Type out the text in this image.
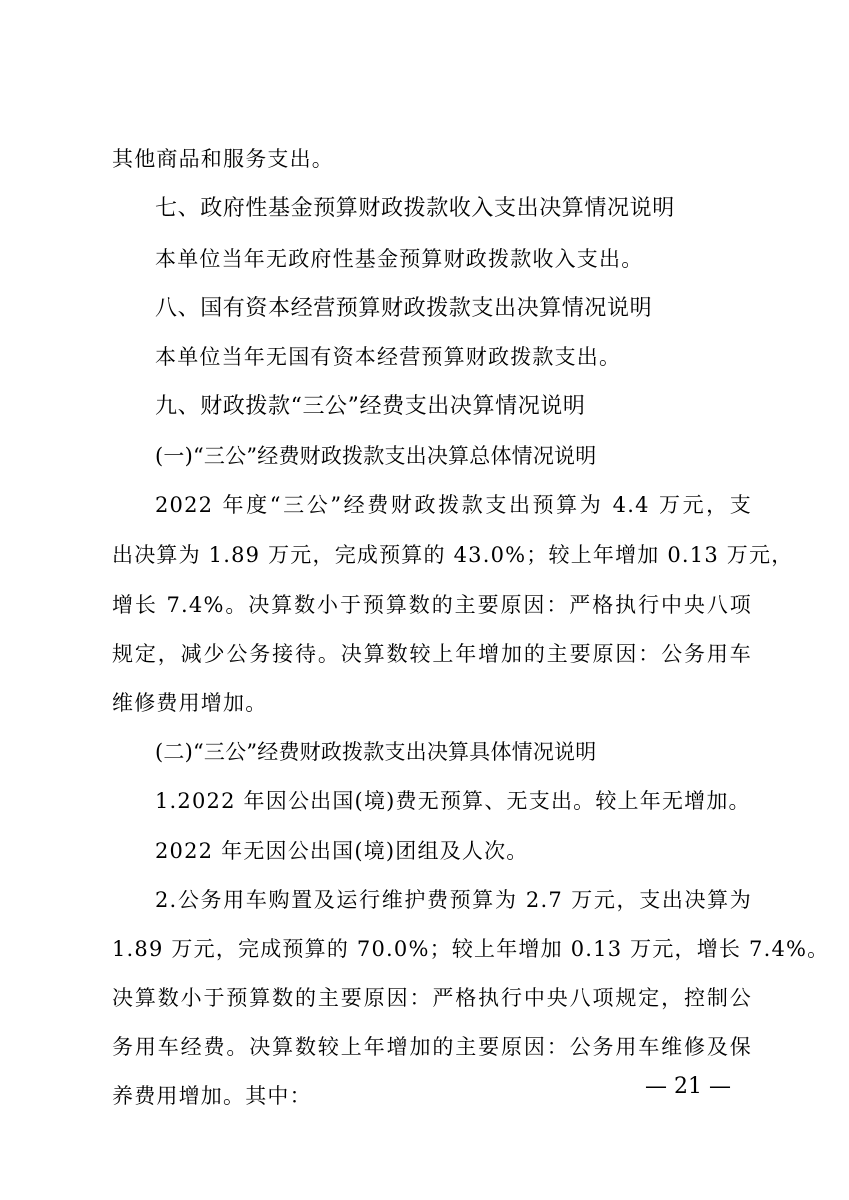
其他商品和服务支出。
七、政府性基金预算财政拨款收入支出决算情况说明
本单位当年无政府性基金预算财政拨款收入支出。
八、国有资本经营预算财政拨款支出决算情况说明
本单位当年无国有资本经营预算财政拨款支出。
九、财政拨款“三公”经费支出决算情况说明
(一)“三公”经费财政拨款支出决算总体情况说明
2022 年度“三公”经费财政拨款支出预算为 4.4 万元，支
出决算为 1.89 万元，完成预算的 43.0%；较上年增加 0.13 万元，
增长 7.4%。决算数小于预算数的主要原因：严格执行中央八项
规定，减少公务接待。决算数较上年增加的主要原因：公务用车
维修费用增加。
(二)“三公”经费财政拨款支出决算具体情况说明
1.2022 年因公出国(境)费无预算、无支出。较上年无增加。
2022 年无因公出国(境)团组及人次。
2.公务用车购置及运行维护费预算为 2.7 万元，支出决算为
1.89 万元，完成预算的 70.0%；较上年增加 0.13 万元，增长 7.4%。
决算数小于预算数的主要原因：严格执行中央八项规定，控制公
务用车经费。决算数较上年增加的主要原因：公务用车维修及保
养费用增加。其中：	— 21 —
